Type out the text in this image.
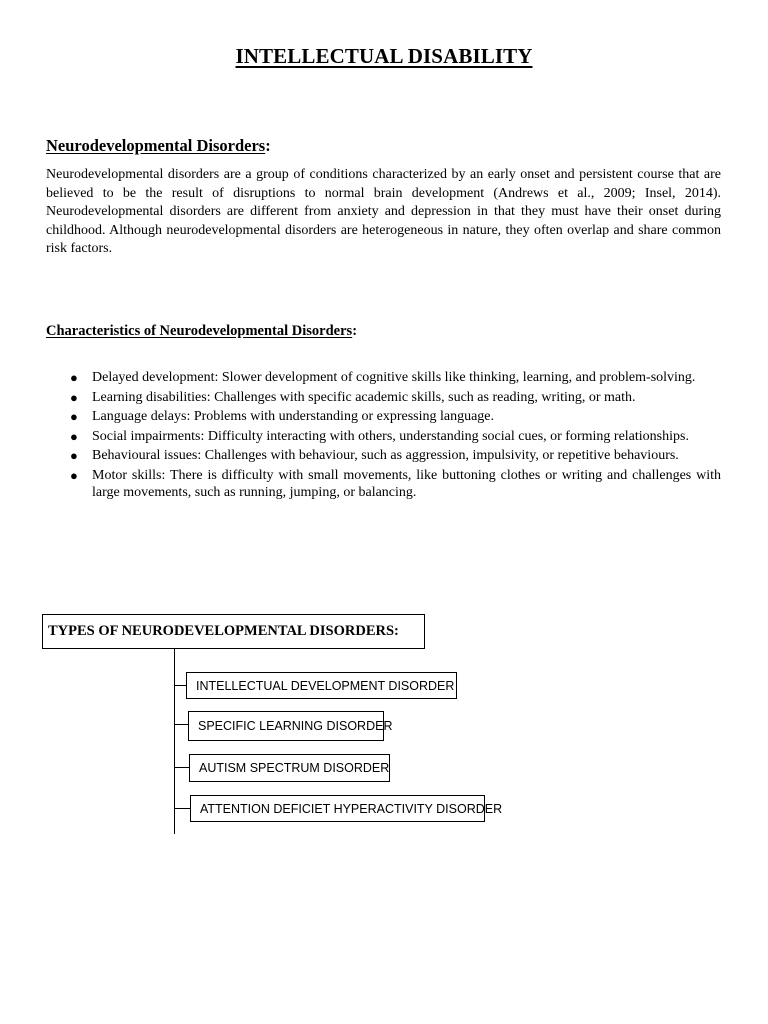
INTELLECTUAL DISABILITY
Neurodevelopmental Disorders:
Neurodevelopmental disorders are a group of conditions characterized by an early onset and persistent course that are believed to be the result of disruptions to normal brain development (Andrews et al., 2009; Insel, 2014). Neurodevelopmental disorders are different from anxiety and depression in that they must have their onset during childhood. Although neurodevelopmental disorders are heterogeneous in nature, they often overlap and share common risk factors.
Characteristics of Neurodevelopmental Disorders:
● Delayed development: Slower development of cognitive skills like thinking, learning, and problem-solving.
● Learning disabilities: Challenges with specific academic skills, such as reading, writing, or math.
● Language delays: Problems with understanding or expressing language.
● Social impairments: Difficulty interacting with others, understanding social cues, or forming relationships.
● Behavioural issues: Challenges with behaviour, such as aggression, impulsivity, or repetitive behaviours.
● Motor skills: There is difficulty with small movements, like buttoning clothes or writing and challenges with large movements, such as running, jumping, or balancing.
TYPES OF NEURODEVELOPMENTAL DISORDERS:
INTELLECTUAL DEVELOPMENT DISORDER
SPECIFIC LEARNING DISORDER
AUTISM SPECTRUM DISORDER
ATTENTION DEFICIET HYPERACTIVITY DISORDER
